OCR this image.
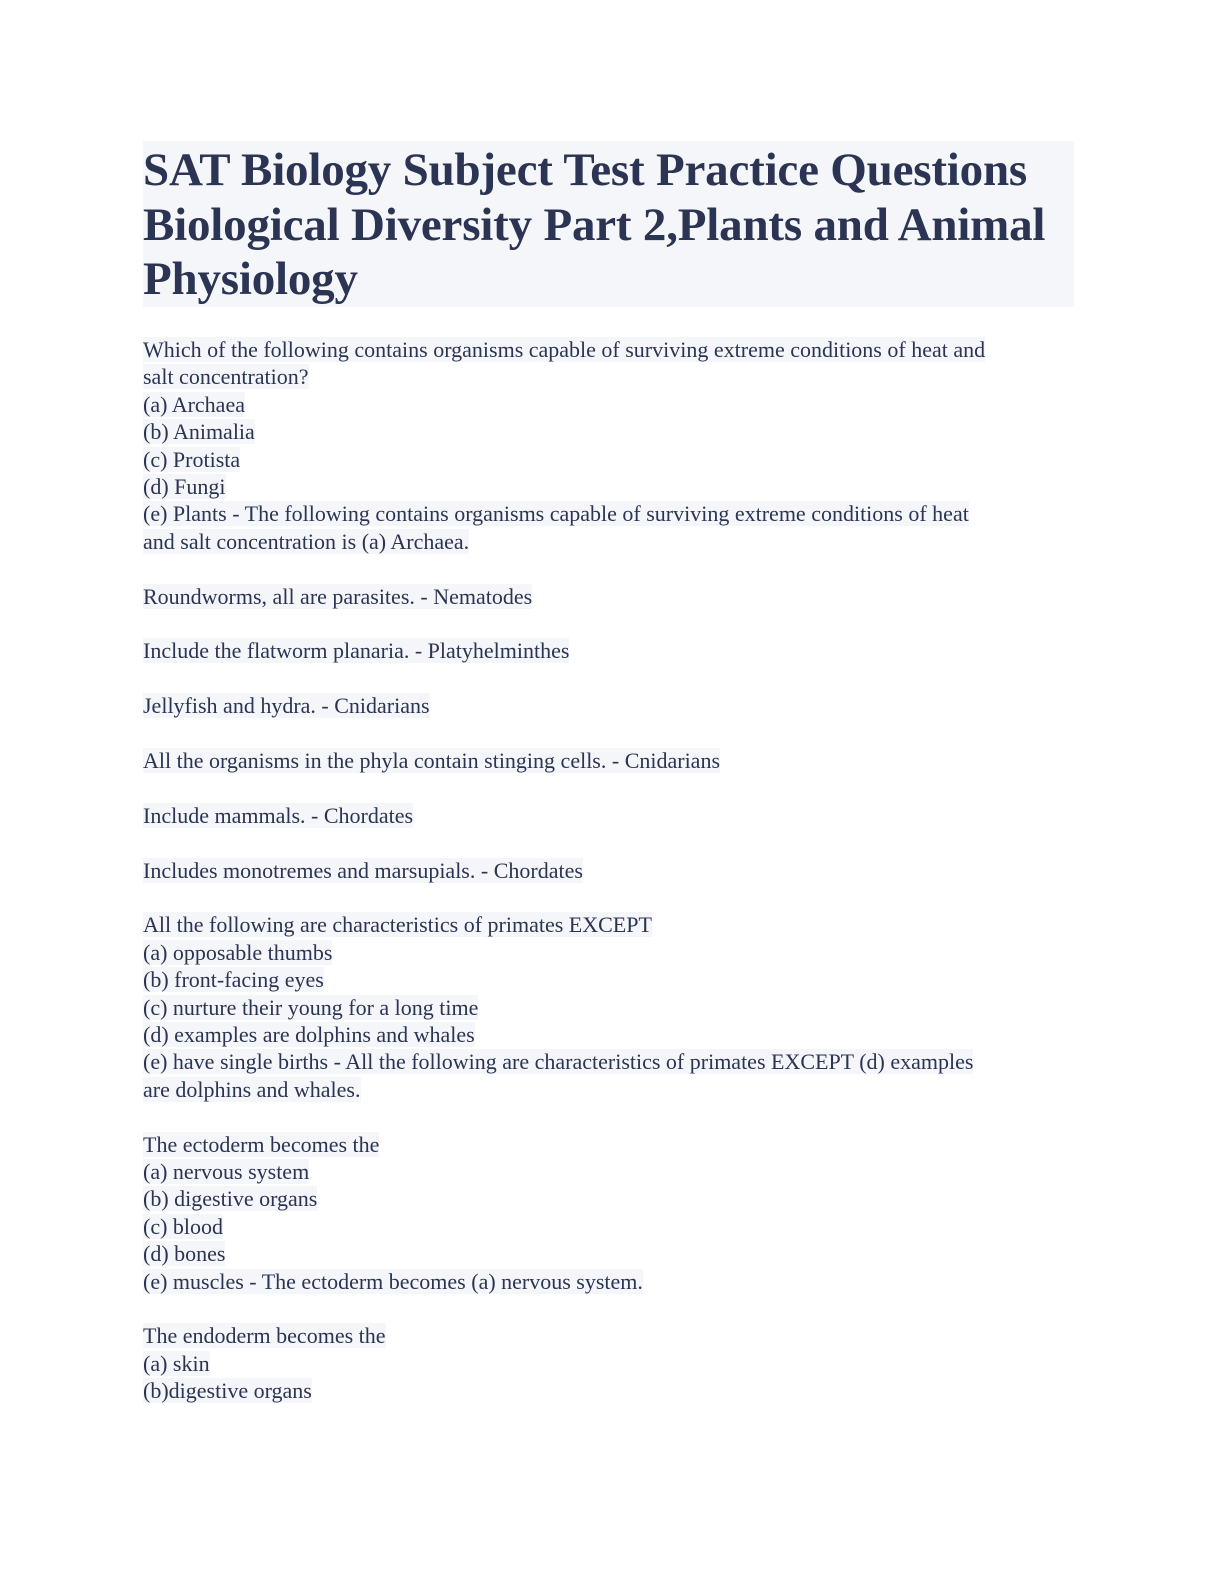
SAT Biology Subject Test Practice Questions
Biological Diversity Part 2,Plants and Animal
Physiology
Which of the following contains organisms capable of surviving extreme conditions of heat and
salt concentration?
(a) Archaea
(b) Animalia
(c) Protista
(d) Fungi
(e) Plants - The following contains organisms capable of surviving extreme conditions of heat
and salt concentration is (a) Archaea.
Roundworms, all are parasites. - Nematodes
Include the flatworm planaria. - Platyhelminthes
Jellyfish and hydra. - Cnidarians
All the organisms in the phyla contain stinging cells. - Cnidarians
Include mammals. - Chordates
Includes monotremes and marsupials. - Chordates
All the following are characteristics of primates EXCEPT
(a) opposable thumbs
(b) front-facing eyes
(c) nurture their young for a long time
(d) examples are dolphins and whales
(e) have single births - All the following are characteristics of primates EXCEPT (d) examples
are dolphins and whales.
The ectoderm becomes the
(a) nervous system
(b) digestive organs
(c) blood
(d) bones
(e) muscles - The ectoderm becomes (a) nervous system.
The endoderm becomes the
(a) skin
(b)digestive organs
